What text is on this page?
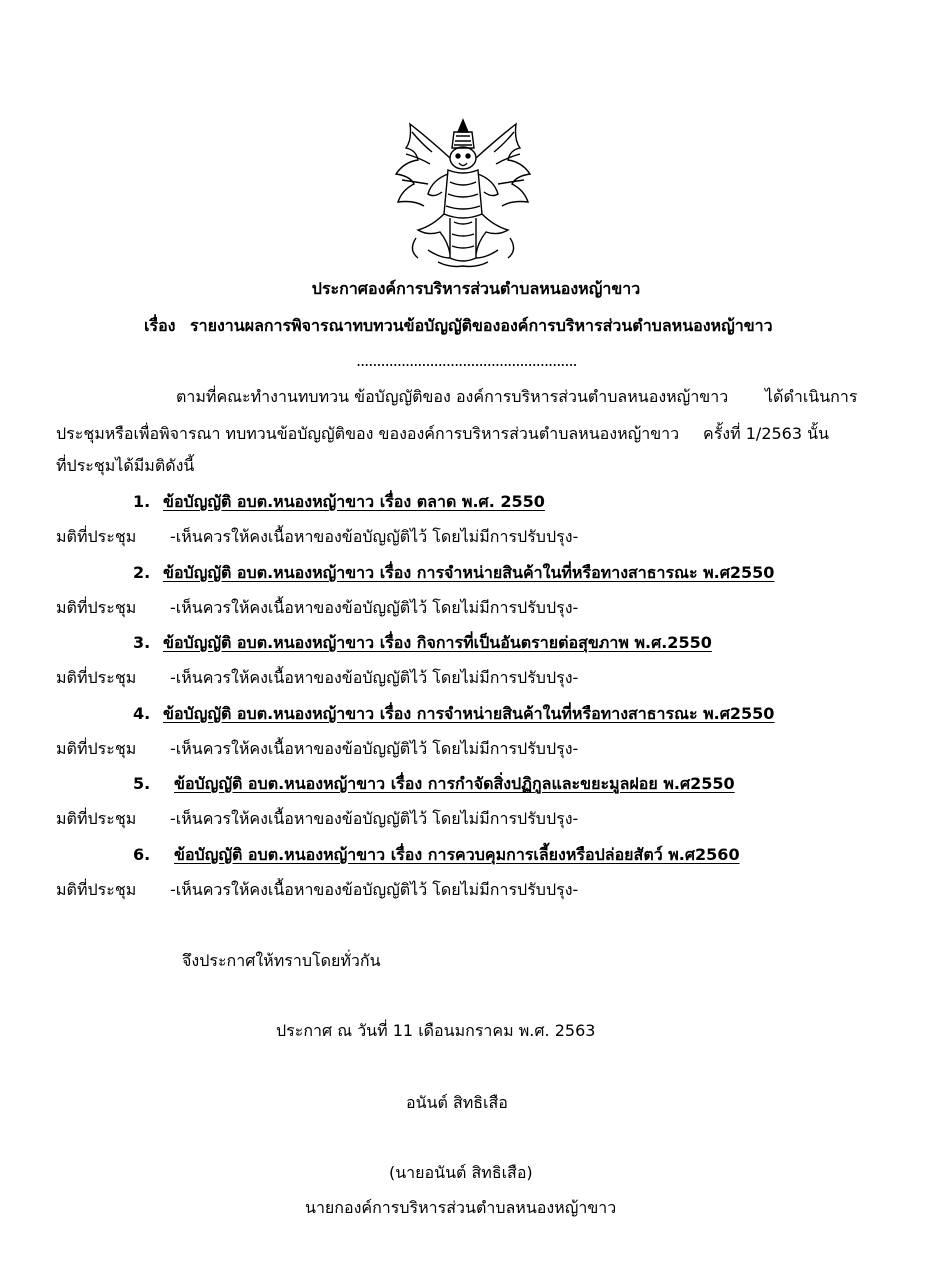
ประกาศองค์การบริหารส่วนตำบลหนองหญ้าขาว
เรื่อง รายงานผลการพิจารณาทบทวนข้อบัญญัติขององค์การบริหารส่วนตำบลหนองหญ้าขาว
......................................................
ตามที่คณะทำงานทบทวน ข้อบัญญัติของ องค์การบริหารส่วนตำบลหนองหญ้าขาว ได้ดำเนินการ
ประชุมหรือเพื่อพิจารณา ทบทวนข้อบัญญัติของ ขององค์การบริหารส่วนตำบลหนองหญ้าขาว ครั้งที่ 1/2563 นั้น
ที่ประชุมได้มีมติดังนี้
1. ข้อบัญญัติ อบต.หนองหญ้าขาว เรื่อง ตลาด พ.ศ. 2550
มติที่ประชุม -เห็นควรให้คงเนื้อหาของข้อบัญญัติไว้ โดยไม่มีการปรับปรุง-
2. ข้อบัญญัติ อบต.หนองหญ้าขาว เรื่อง การจำหน่ายสินค้าในที่หรือทางสาธารณะ พ.ศ2550
มติที่ประชุม -เห็นควรให้คงเนื้อหาของข้อบัญญัติไว้ โดยไม่มีการปรับปรุง-
3. ข้อบัญญัติ อบต.หนองหญ้าขาว เรื่อง กิจการที่เป็นอันตรายต่อสุขภาพ พ.ศ.2550
มติที่ประชุม -เห็นควรให้คงเนื้อหาของข้อบัญญัติไว้ โดยไม่มีการปรับปรุง-
4. ข้อบัญญัติ อบต.หนองหญ้าขาว เรื่อง การจำหน่ายสินค้าในที่หรือทางสาธารณะ พ.ศ2550
มติที่ประชุม -เห็นควรให้คงเนื้อหาของข้อบัญญัติไว้ โดยไม่มีการปรับปรุง-
5. ข้อบัญญัติ อบต.หนองหญ้าขาว เรื่อง การกำจัดสิ่งปฏิกูลและขยะมูลฝอย พ.ศ2550
มติที่ประชุม -เห็นควรให้คงเนื้อหาของข้อบัญญัติไว้ โดยไม่มีการปรับปรุง-
6. ข้อบัญญัติ อบต.หนองหญ้าขาว เรื่อง การควบคุมการเลี้ยงหรือปล่อยสัตว์ พ.ศ2560
มติที่ประชุม -เห็นควรให้คงเนื้อหาของข้อบัญญัติไว้ โดยไม่มีการปรับปรุง-
จึงประกาศให้ทราบโดยทั่วกัน
ประกาศ ณ วันที่ 11 เดือนมกราคม พ.ศ. 2563
อนันต์ สิทธิเสือ
(นายอนันต์ สิทธิเสือ)
นายกองค์การบริหารส่วนตำบลหนองหญ้าขาว
